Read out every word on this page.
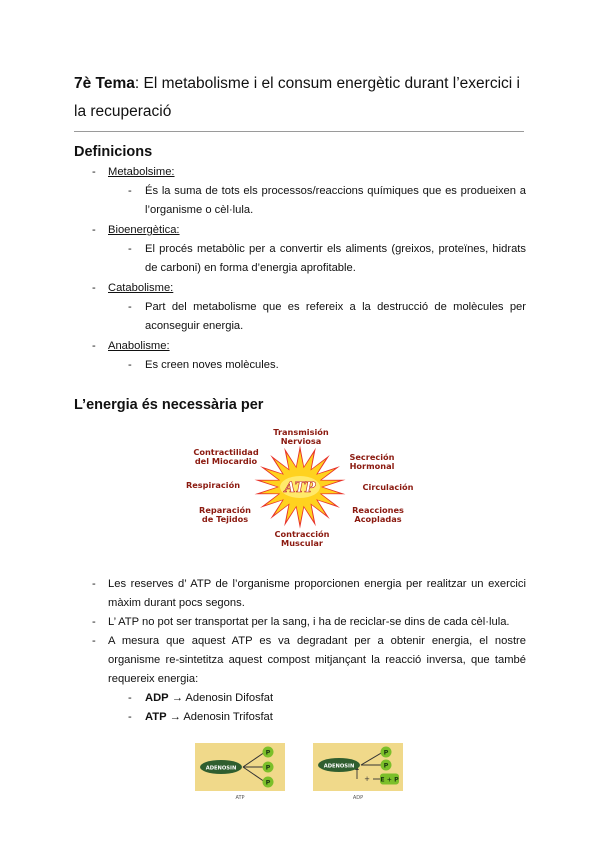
7è Tema: El metabolisme i el consum energètic durant l’exercici i la recuperació
Definicions
- Metabolsime:
- És la suma de tots els processos/reaccions químiques que es produeixen a l’organisme o cèl·lula.
- Bioenergètica:
- El procés metabòlic per a convertir els aliments (greixos, proteïnes, hidrats de carboni) en forma d’energia aprofitable.
- Catabolisme:
- Part del metabolisme que es refereix a la destrucció de molècules per aconseguir energia.
- Anabolisme:
- Es creen noves molècules.
L’energia és necessària per
ATP
Transmisión
Nerviosa
Secreción
Hormonal
Circulación
Reacciones
Acopladas
Contracción
Muscular
Reparación
de Tejidos
Respiración
Contractilidad
del Miocardio
- Les reserves d’ ATP de l’organisme proporcionen energia per realitzar un exercici màxim durant pocs segons.
- L’ ATP no pot ser transportat per la sang, i ha de reciclar-se dins de cada cèl·lula.
- A mesura que aquest ATP es va degradant per a obtenir energia, el nostre organisme re-sintetitza aquest compost mitjançant la reacció inversa, que també requereix energia:
- ADP → Adenosin Difosfat
- ATP → Adenosin Trifosfat
ADENOSIN
P
P
P
ATP
+
ADENOSIN
P
P
E + P
ADP
